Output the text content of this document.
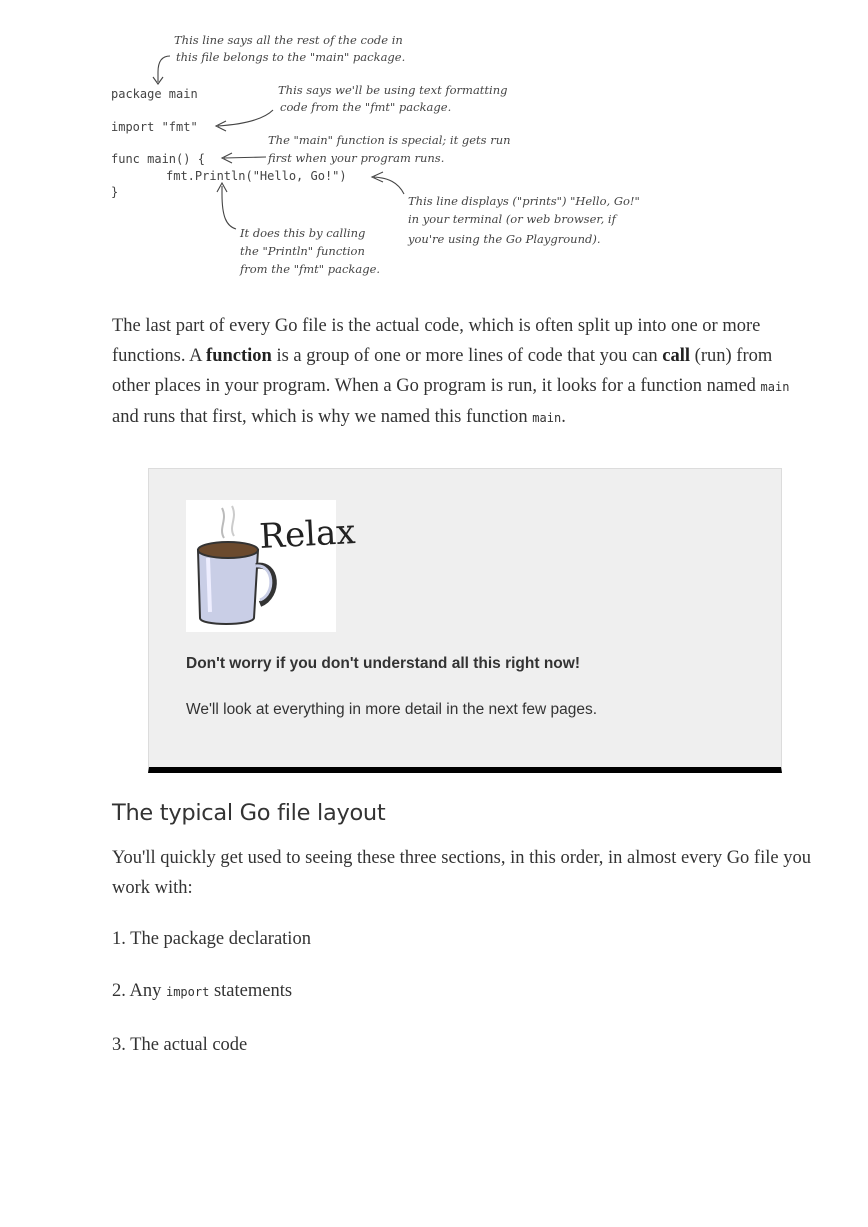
package main
import "fmt"
func main() {
fmt.Println("Hello, Go!")
}
This line says all the rest of the code in
this file belongs to the "main" package.
This says we'll be using text formatting
code from the "fmt" package.
The "main" function is special; it gets run
first when your program runs.
This line displays ("prints") "Hello, Go!"
in your terminal (or web browser, if
you're using the Go Playground).
It does this by calling
the "Println" function
from the "fmt" package.

The last part of every Go file is the actual code, which is often split up into one or more functions. A function is a group of one or more lines of code that you can call (run) from other places in your program. When a Go program is run, it looks for a function named main and runs that first, which is why we named this function main.

Relax
Don't worry if you don't understand all this right now!
We'll look at everything in more detail in the next few pages.
The typical Go file layout

You'll quickly get used to seeing these three sections, in this order, in almost every Go file you work with:

1. The package declaration

2. Any import statements

3. The actual code
